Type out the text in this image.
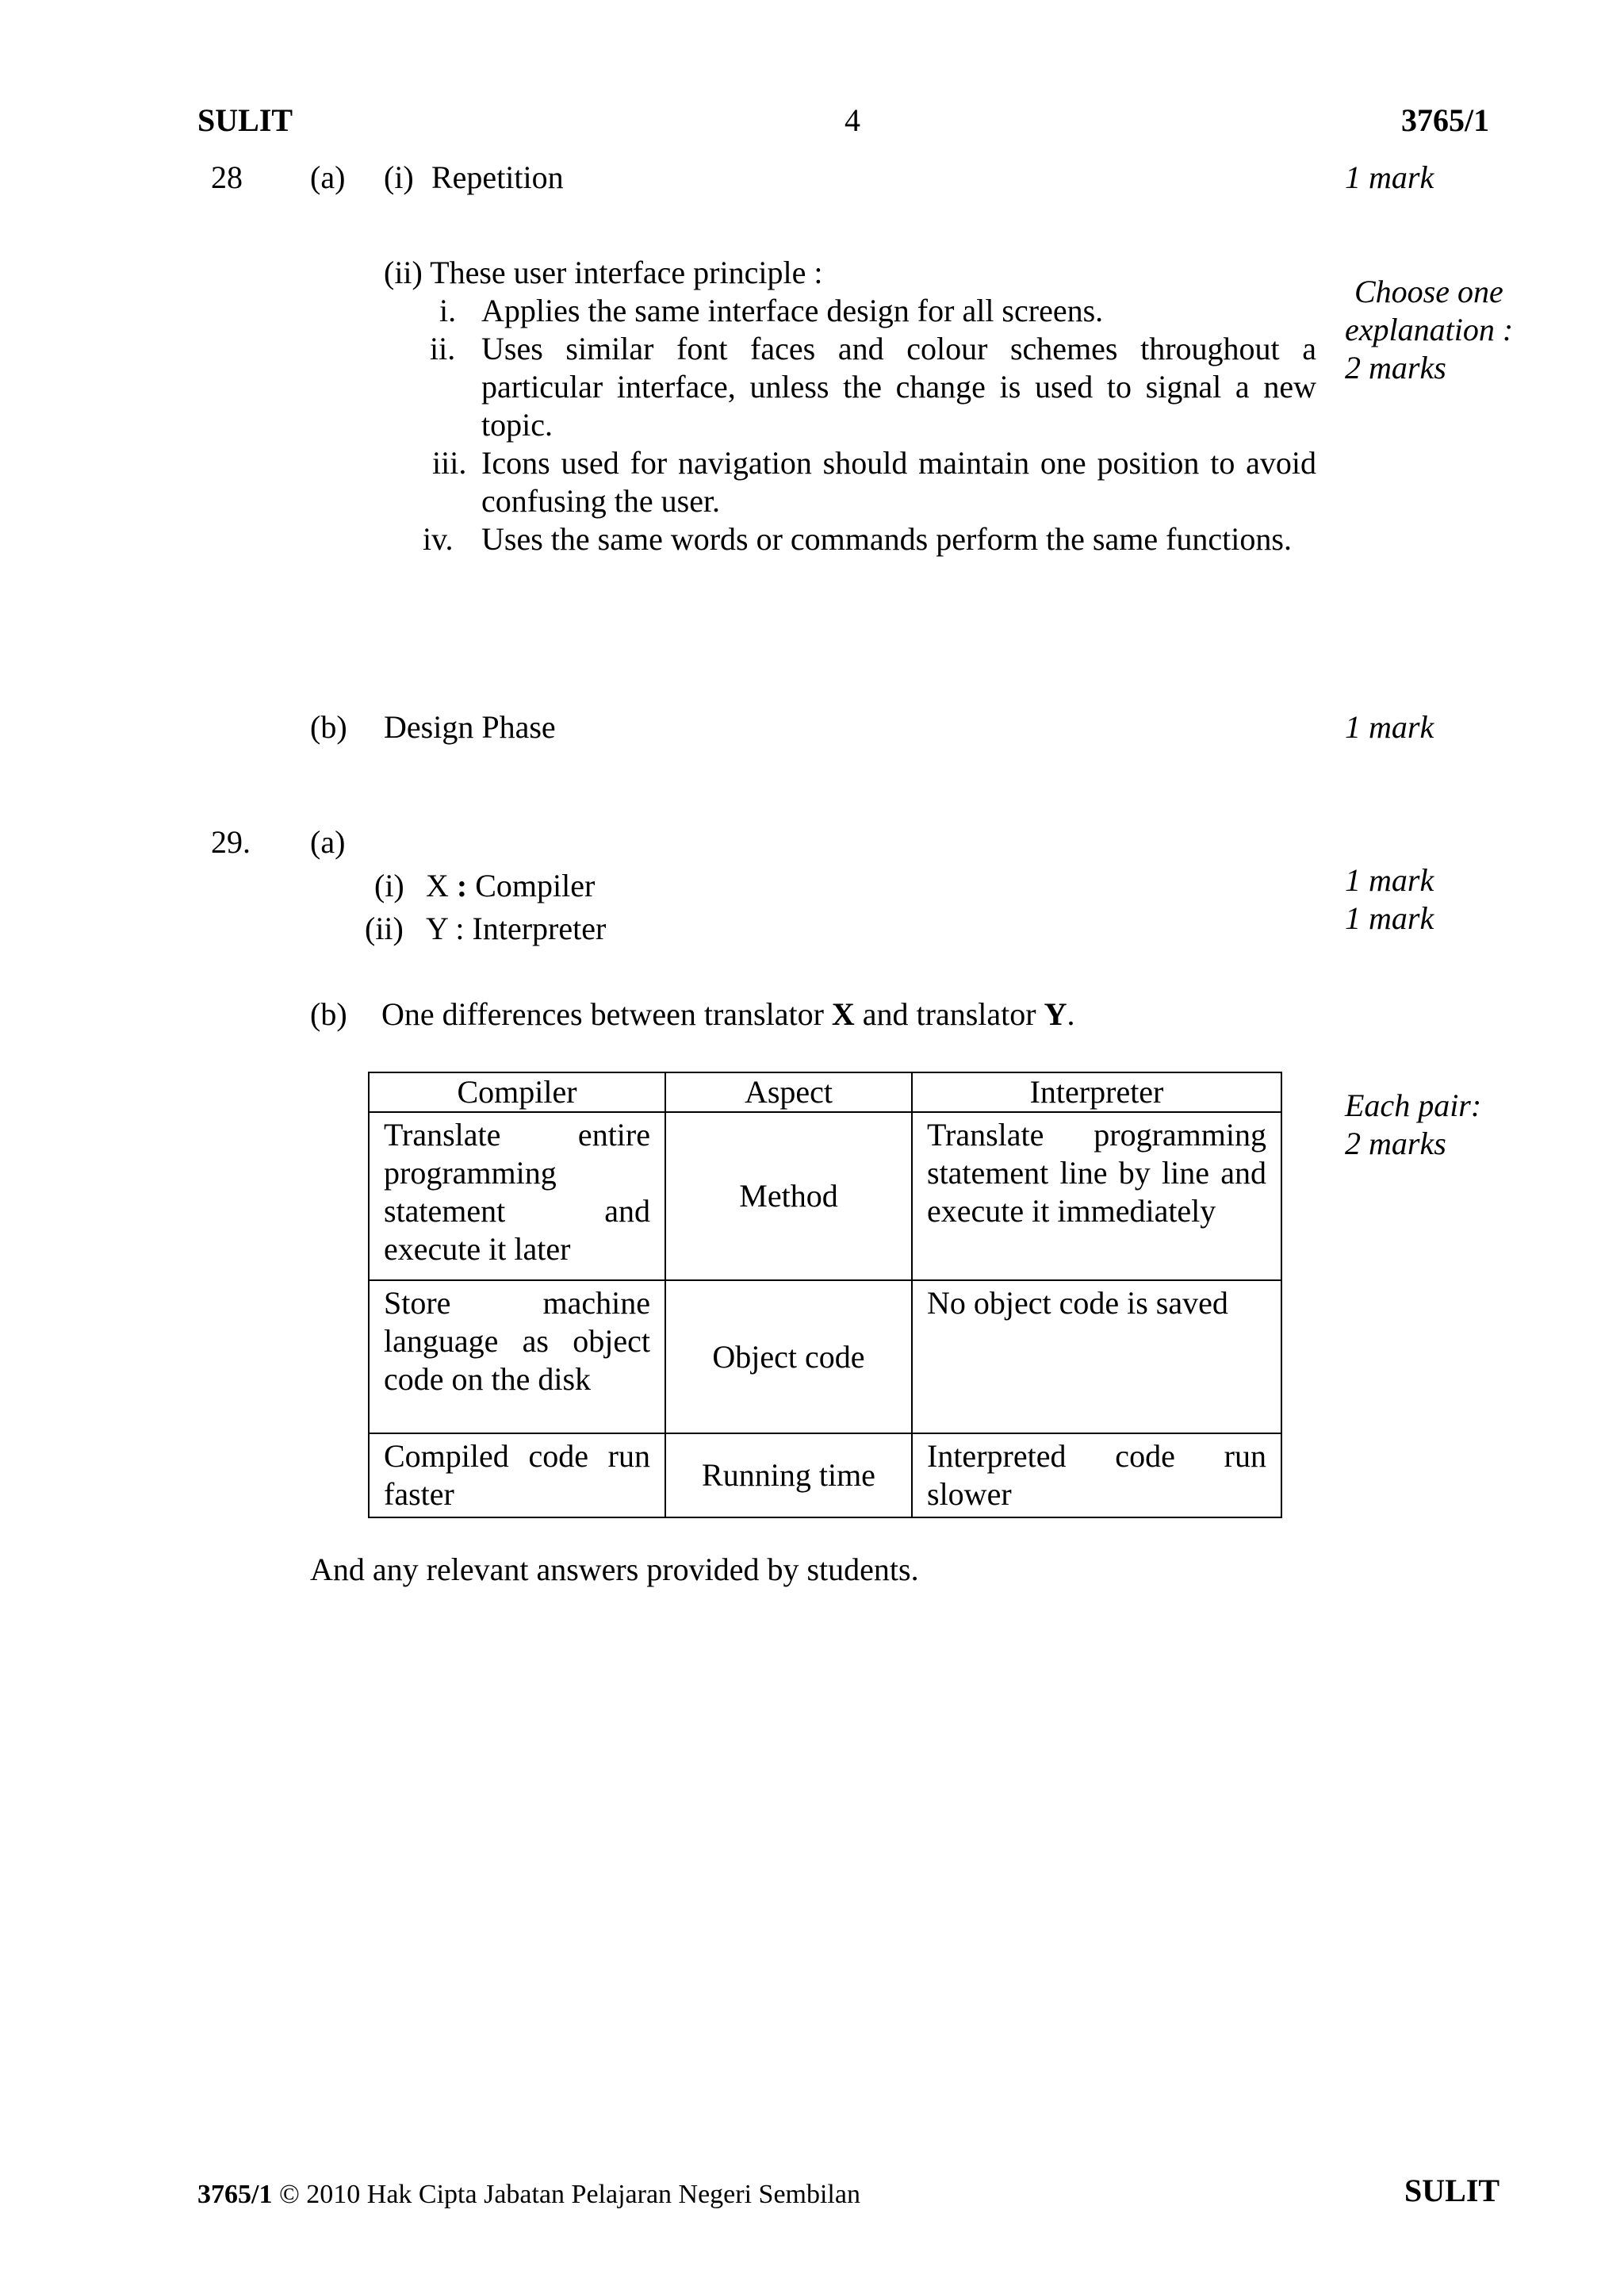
SULIT	4	3765/1
28 (a) (i) Repetition	1 mark
(ii) These user interface principle :
i. Applies the same interface design for all screens.
ii. Uses similar font faces and colour schemes throughout a particular interface, unless the change is used to signal a new topic.
iii. Icons used for navigation should maintain one position to avoid confusing the user.
iv. Uses the same words or commands perform the same functions.
Choose one
explanation :
2 marks
(b) Design Phase	1 mark
29. (a)
(i) X : Compiler	1 mark
(ii) Y : Interpreter	1 mark
(b) One differences between translator X and translator Y.
Each pair:
2 marks
Compiler	Aspect	Interpreter
Translate entire programming statement and execute it later	Method	Translate programming statement line by line and execute it immediately
Store machine language as object code on the disk	Object code	No object code is saved
Compiled code run faster	Running time	Interpreted code run slower
And any relevant answers provided by students.
3765/1 © 2010 Hak Cipta Jabatan Pelajaran Negeri Sembilan	SULIT
